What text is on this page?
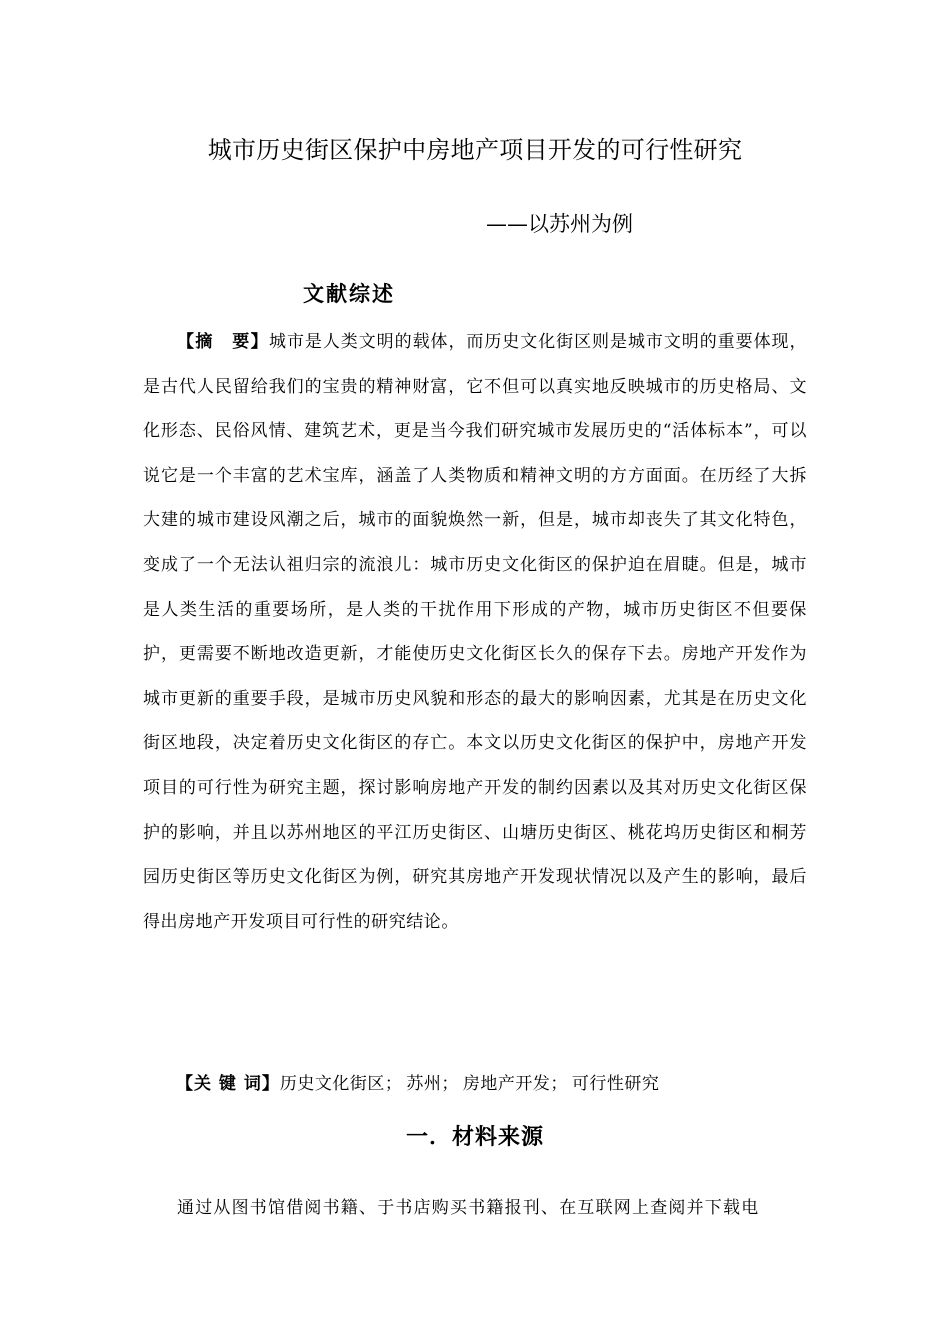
城市历史街区保护中房地产项目开发的可行性研究
——以苏州为例
文献综述

【摘　要】城市是人类文明的载体，而历史文化街区则是城市文明的重要体现，是古代人民留给我们的宝贵的精神财富，它不但可以真实地反映城市的历史格局、文化形态、民俗风情、建筑艺术，更是当今我们研究城市发展历史的“活体标本”，可以说它是一个丰富的艺术宝库，涵盖了人类物质和精神文明的方方面面。在历经了大拆大建的城市建设风潮之后，城市的面貌焕然一新，但是，城市却丧失了其文化特色，变成了一个无法认祖归宗的流浪儿：城市历史文化街区的保护迫在眉睫。但是，城市是人类生活的重要场所，是人类的干扰作用下形成的产物，城市历史街区不但要保护，更需要不断地改造更新，才能使历史文化街区长久的保存下去。房地产开发作为城市更新的重要手段，是城市历史风貌和形态的最大的影响因素，尤其是在历史文化街区地段，决定着历史文化街区的存亡。本文以历史文化街区的保护中，房地产开发项目的可行性为研究主题，探讨影响房地产开发的制约因素以及其对历史文化街区保护的影响，并且以苏州地区的平江历史街区、山塘历史街区、桃花坞历史街区和桐芳园历史街区等历史文化街区为例，研究其房地产开发现状情况以及产生的影响，最后得出房地产开发项目可行性的研究结论。

【关 键 词】历史文化街区； 苏州； 房地产开发； 可行性研究

一．材料来源

通过从图书馆借阅书籍、于书店购买书籍报刊、在互联网上查阅并下载电
